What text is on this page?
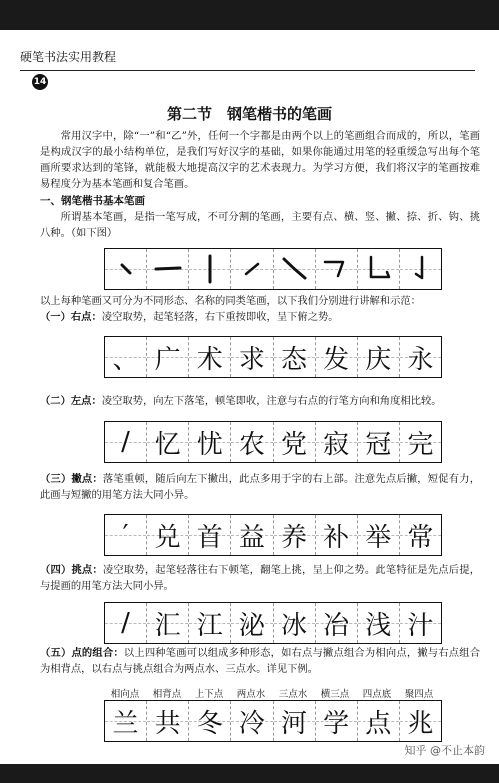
硬笔书法实用教程
14
第二节　钢笔楷书的笔画
常用汉字中，除“一”和“乙”外，任何一个字都是由两个以上的笔画组合而成的，所以，笔画是构成汉字的最小结构单位，是我们写好汉字的基础，如果你能通过用笔的轻重缓急写出每个笔画所要求达到的笔锋，就能极大地提高汉字的艺术表现力。为学习方便，我们将汉字的笔画按难易程度分为基本笔画和复合笔画。
一、钢笔楷书基本笔画
所谓基本笔画，是指一笔写成，不可分割的笔画，主要有点、横、竖、撇、捺、折、钩、挑八种。（如下图）
以上每种笔画又可分为不同形态、名称的同类笔画，以下我们分别进行讲解和示范：
（一）右点：凌空取势，起笔轻落，右下重按即收，呈下俯之势。
、 广 术 求 态 发 庆 永
（二）左点：凌空取势，向左下落笔，顿笔即收，注意与右点的行笔方向和角度相比较。
/ 忆 忧 农 党 寂 冠 完
（三）撇点：落笔重顿，随后向左下撇出，此点多用于字的右上部。注意先点后撇，短促有力，此画与短撇的用笔方法大同小异。
′ 兑 首 益 养 补 举 常
（四）挑点：凌空取势，起笔轻落往右下顿笔，翻笔上挑，呈上仰之势。此笔特征是先点后提，与提画的用笔方法大同小异。
/ 汇 江 泌 冰 冶 浅 汁
（五）点的组合：以上四种笔画可以组成多种形态，如右点与撇点组合为相向点，撇与右点组合为相背点，以右点与挑点组合为两点水、三点水。详见下例。
相向点	相背点	上下点	两点水	三点水	横三点	四点底	聚四点
兰 共 冬 冷 河 学 点 兆
知乎 @不止本韵
